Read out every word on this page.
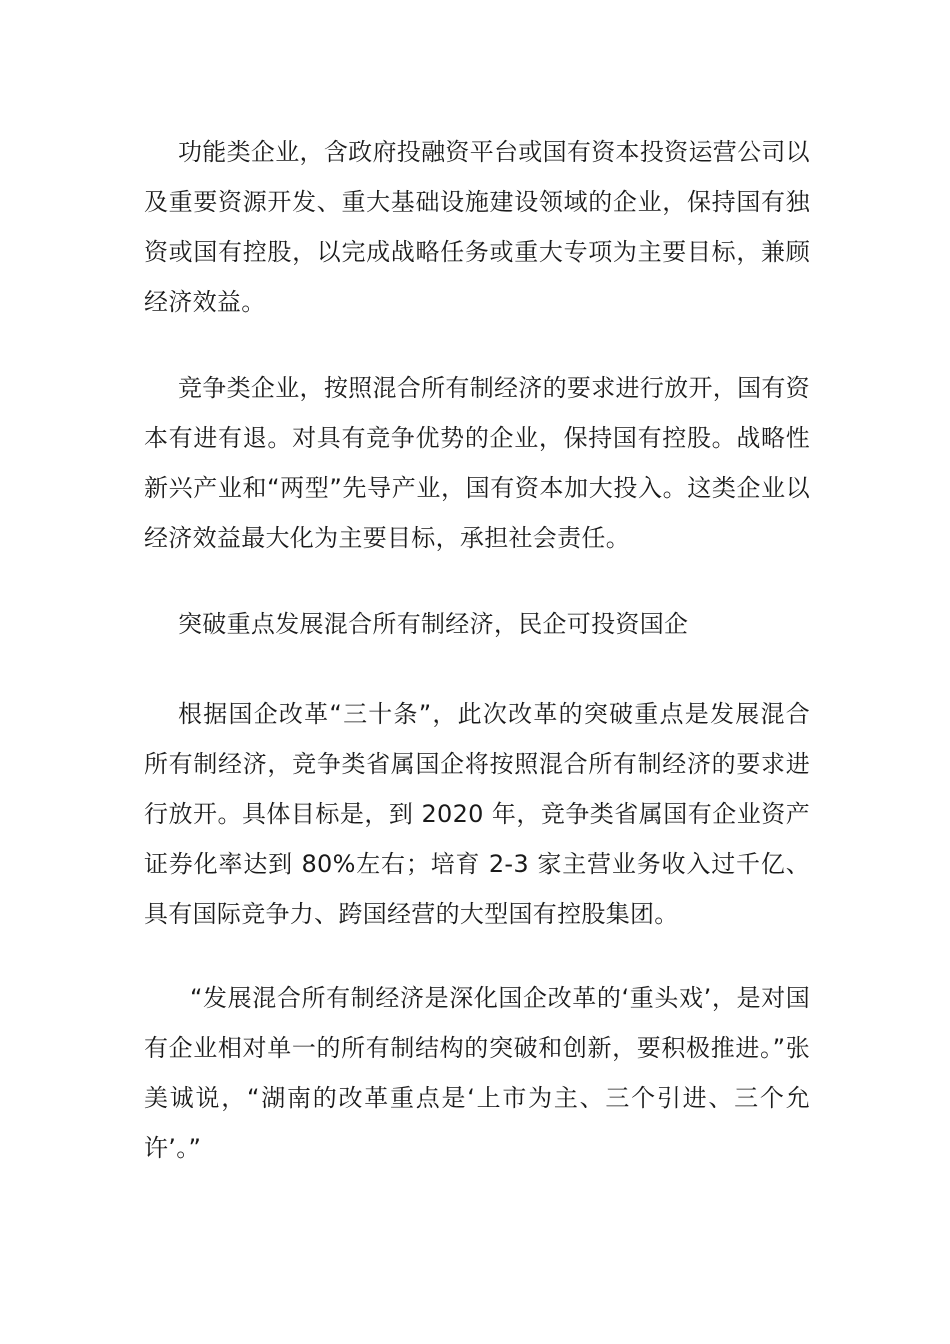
功能类企业，含政府投融资平台或国有资本投资运营公司以及重要资源开发、重大基础设施建设领域的企业，保持国有独资或国有控股，以完成战略任务或重大专项为主要目标，兼顾经济效益。

竞争类企业，按照混合所有制经济的要求进行放开，国有资本有进有退。对具有竞争优势的企业，保持国有控股。战略性新兴产业和“两型”先导产业，国有资本加大投入。这类企业以经济效益最大化为主要目标，承担社会责任。

突破重点发展混合所有制经济，民企可投资国企

根据国企改革“三十条”，此次改革的突破重点是发展混合所有制经济，竞争类省属国企将按照混合所有制经济的要求进行放开。具体目标是，到 2020 年，竞争类省属国有企业资产证券化率达到 80%左右；培育 2-3 家主营业务收入过千亿、具有国际竞争力、跨国经营的大型国有控股集团。

“发展混合所有制经济是深化国企改革的‘重头戏’，是对国有企业相对单一的所有制结构的突破和创新，要积极推进。”张美诚说，“湖南的改革重点是‘上市为主、三个引进、三个允许’。”
